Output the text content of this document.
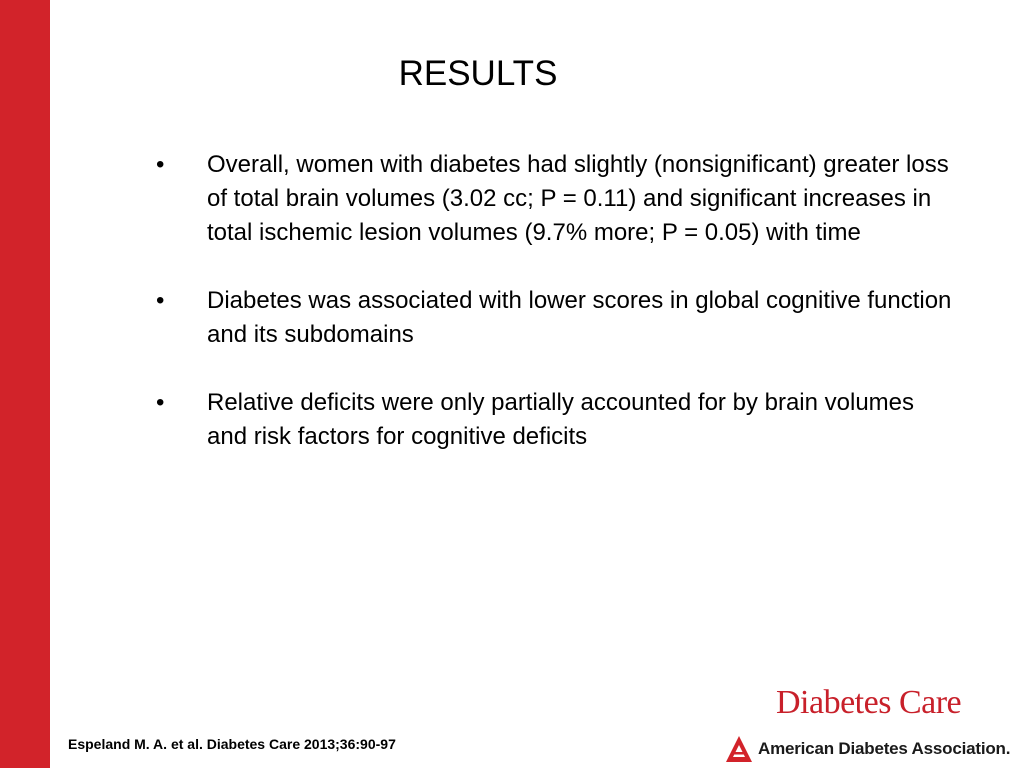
RESULTS
• Overall, women with diabetes had slightly (nonsignificant) greater loss of total brain volumes (3.02 cc; P = 0.11) and significant increases in total ischemic lesion volumes (9.7% more; P = 0.05) with time
• Diabetes was associated with lower scores in global cognitive function and its subdomains
• Relative deficits were only partially accounted for by brain volumes and risk factors for cognitive deficits
Espeland M. A. et al. Diabetes Care 2013;36:90-97
Diabetes Care
American Diabetes Association.
